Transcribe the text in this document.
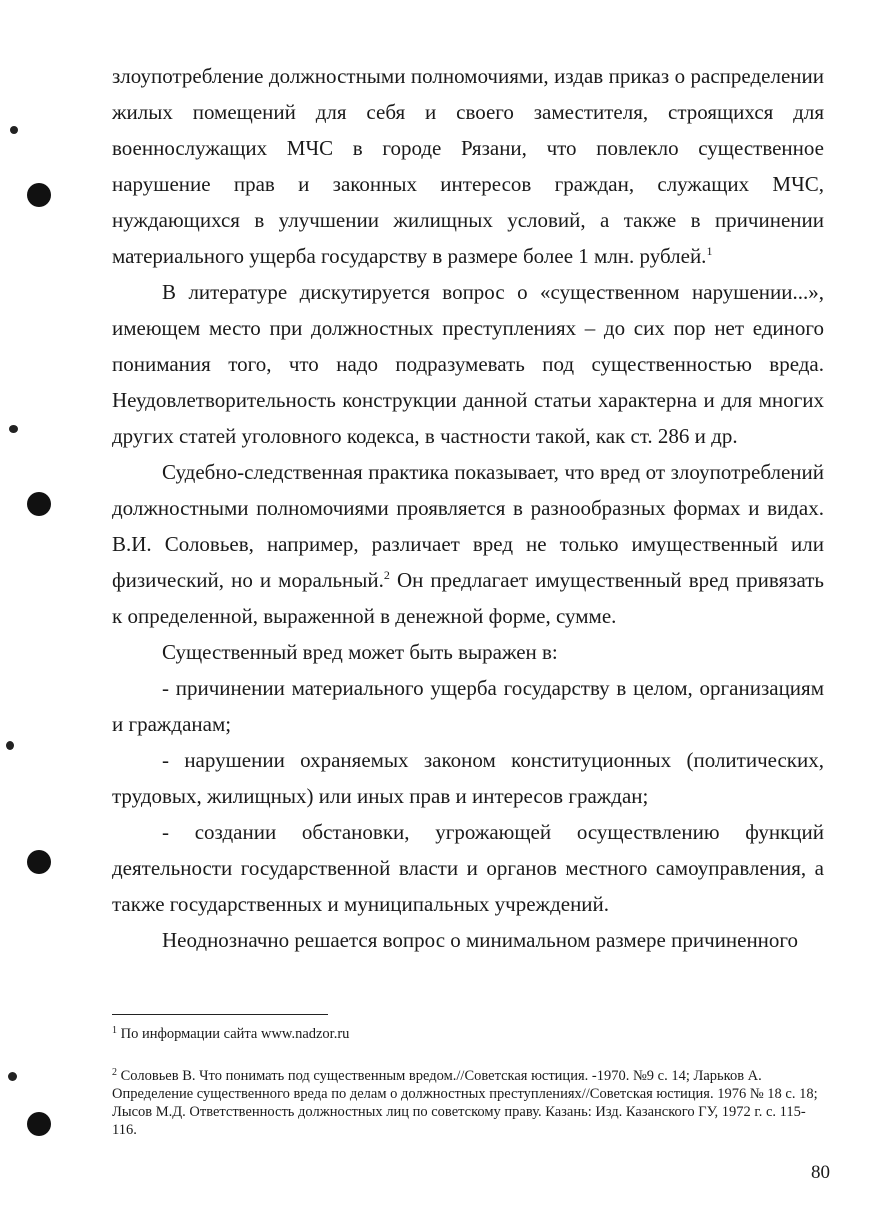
злоупотребление должностными полномочиями, издав приказ о распределении жилых помещений для себя и своего заместителя, строящихся для военнослужащих МЧС в городе Рязани, что повлекло существенное нарушение прав и законных интересов граждан, служащих МЧС, нуждающихся в улучшении жилищных условий, а также в причинении материального ущерба государству в размере более 1 млн. рублей.$^1$

В литературе дискутируется вопрос о «существенном нарушении...», имеющем место при должностных преступлениях – до сих пор нет единого понимания того, что надо подразумевать под существенностью вреда. Неудовлетворительность конструкции данной статьи характерна и для многих других статей уголовного кодекса, в частности такой, как ст. 286 и др.

Судебно-следственная практика показывает, что вред от злоупотреблений должностными полномочиями проявляется в разнообразных формах и видах. В.И. Соловьев, например, различает вред не только имущественный или физический, но и моральный.$^2$ Он предлагает имущественный вред привязать к определенной, выраженной в денежной форме, сумме.

Существенный вред может быть выражен в:

- причинении материального ущерба государству в целом, организациям и гражданам;

- нарушении охраняемых законом конституционных (политических, трудовых, жилищных) или иных прав и интересов граждан;

- создании обстановки, угрожающей осуществлению функций деятельности государственной власти и органов местного самоуправления, а также государственных и муниципальных учреждений.

Неоднозначно решается вопрос о минимальном размере причиненного

$^1$ По информации сайта www.nadzor.ru

$^2$ Соловьев В. Что понимать под существенным вредом.//Советская юстиция. -1970. №9 с. 14; Ларьков А. Определение существенного вреда по делам о должностных преступлениях//Советская юстиция. 1976 № 18 с. 18; Лысов М.Д. Ответственность должностных лиц по советскому праву. Казань: Изд. Казанского ГУ, 1972 г. с. 115-116.

80
